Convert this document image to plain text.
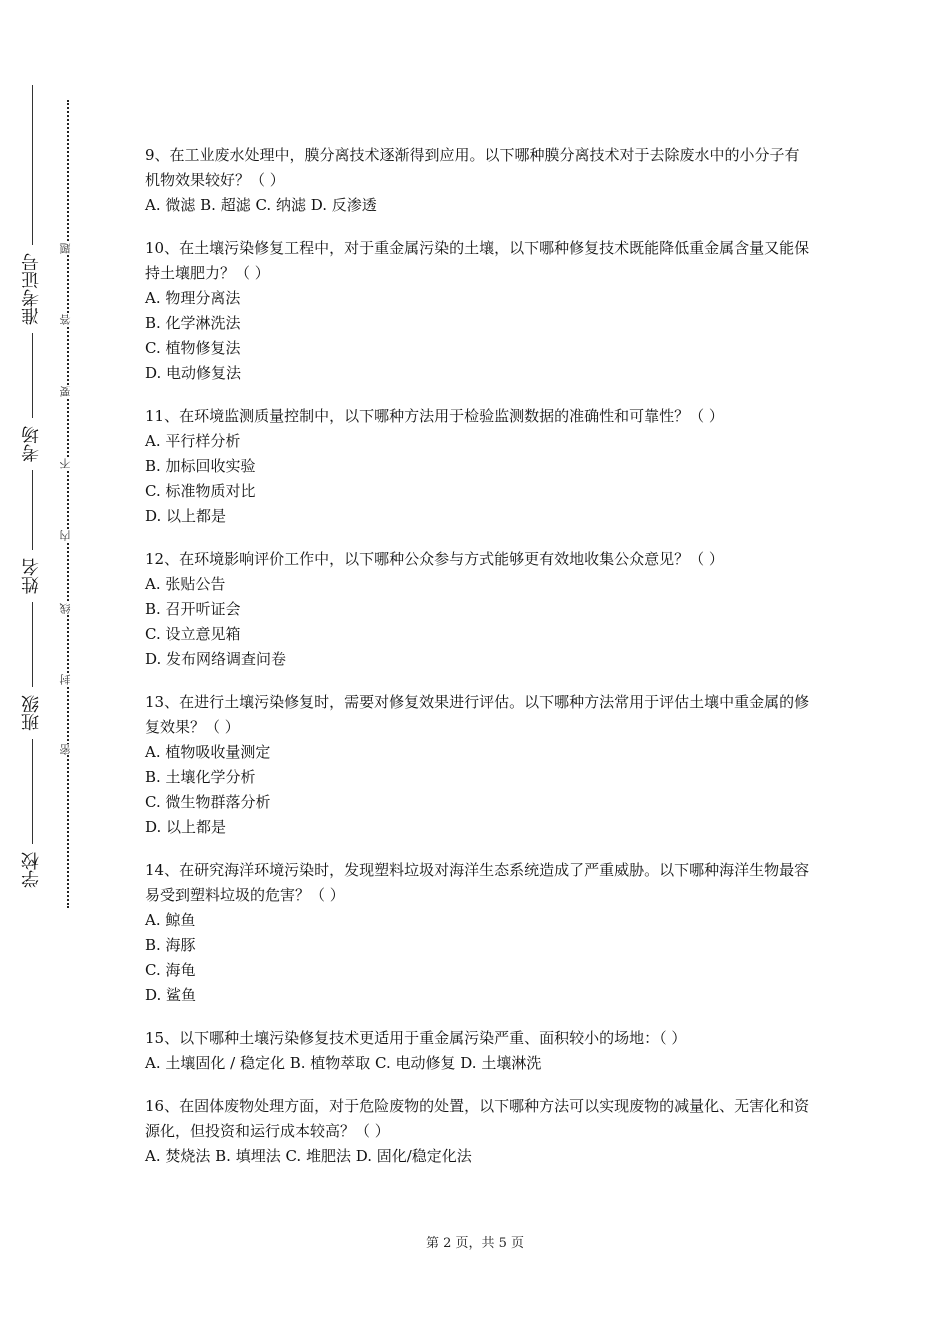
准考证号
考场
姓名
班级
学校
题
答
要
不
内
线
封
密

9、在工业废水处理中，膜分离技术逐渐得到应用。以下哪种膜分离技术对于去除废水中的小分子有机物效果较好？（ ）

A. 微滤 B. 超滤 C. 纳滤 D. 反渗透

10、在土壤污染修复工程中，对于重金属污染的土壤，以下哪种修复技术既能降低重金属含量又能保持土壤肥力？（ ）

A. 物理分离法

B. 化学淋洗法

C. 植物修复法

D. 电动修复法

11、在环境监测质量控制中，以下哪种方法用于检验监测数据的准确性和可靠性？（ ）

A. 平行样分析

B. 加标回收实验

C. 标准物质对比

D. 以上都是

12、在环境影响评价工作中，以下哪种公众参与方式能够更有效地收集公众意见？（ ）

A. 张贴公告

B. 召开听证会

C. 设立意见箱

D. 发布网络调查问卷

13、在进行土壤污染修复时，需要对修复效果进行评估。以下哪种方法常用于评估土壤中重金属的修复效果？（ ）

A. 植物吸收量测定

B. 土壤化学分析

C. 微生物群落分析

D. 以上都是

14、在研究海洋环境污染时，发现塑料垃圾对海洋生态系统造成了严重威胁。以下哪种海洋生物最容易受到塑料垃圾的危害？（ ）

A. 鲸鱼

B. 海豚

C. 海龟

D. 鲨鱼

15、以下哪种土壤污染修复技术更适用于重金属污染严重、面积较小的场地：（ ）

A. 土壤固化 / 稳定化 B. 植物萃取 C. 电动修复 D. 土壤淋洗

16、在固体废物处理方面，对于危险废物的处置，以下哪种方法可以实现废物的减量化、无害化和资源化，但投资和运行成本较高？（ ）

A. 焚烧法 B. 填埋法 C. 堆肥法 D. 固化/稳定化法

第 2 页，共 5 页
